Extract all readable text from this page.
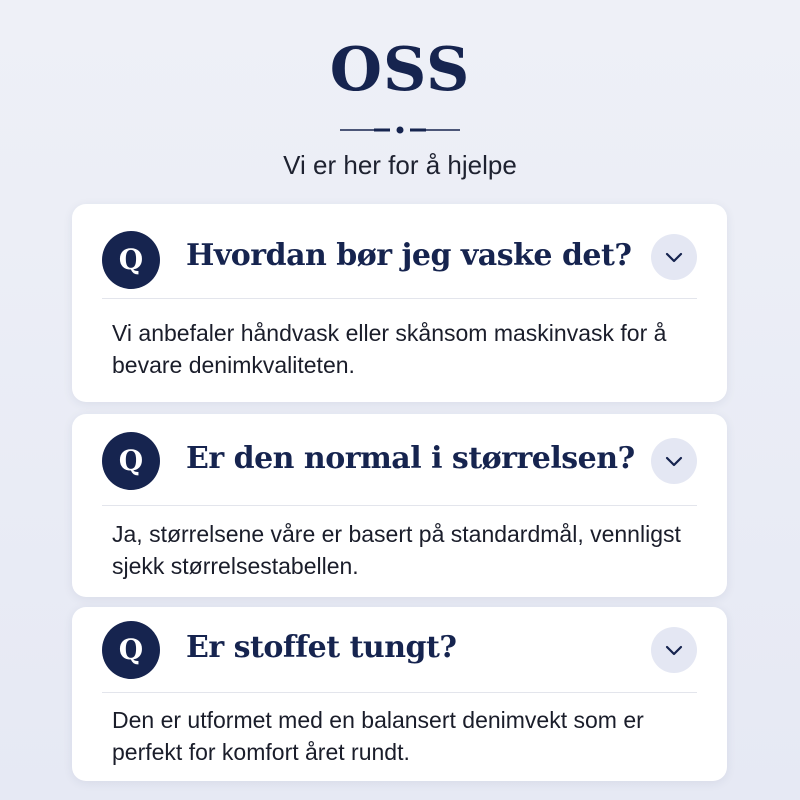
OSS
Vi er her for å hjelpe
Q	Hvordan bør jeg vaske det?
Vi anbefaler håndvask eller skånsom maskinvask for å bevare denimkvaliteten.
Q	Er den normal i størrelsen?
Ja, størrelsene våre er basert på standardmål, vennligst sjekk størrelsestabellen.
Q	Er stoffet tungt?
Den er utformet med en balansert denimvekt som er perfekt for komfort året rundt.
